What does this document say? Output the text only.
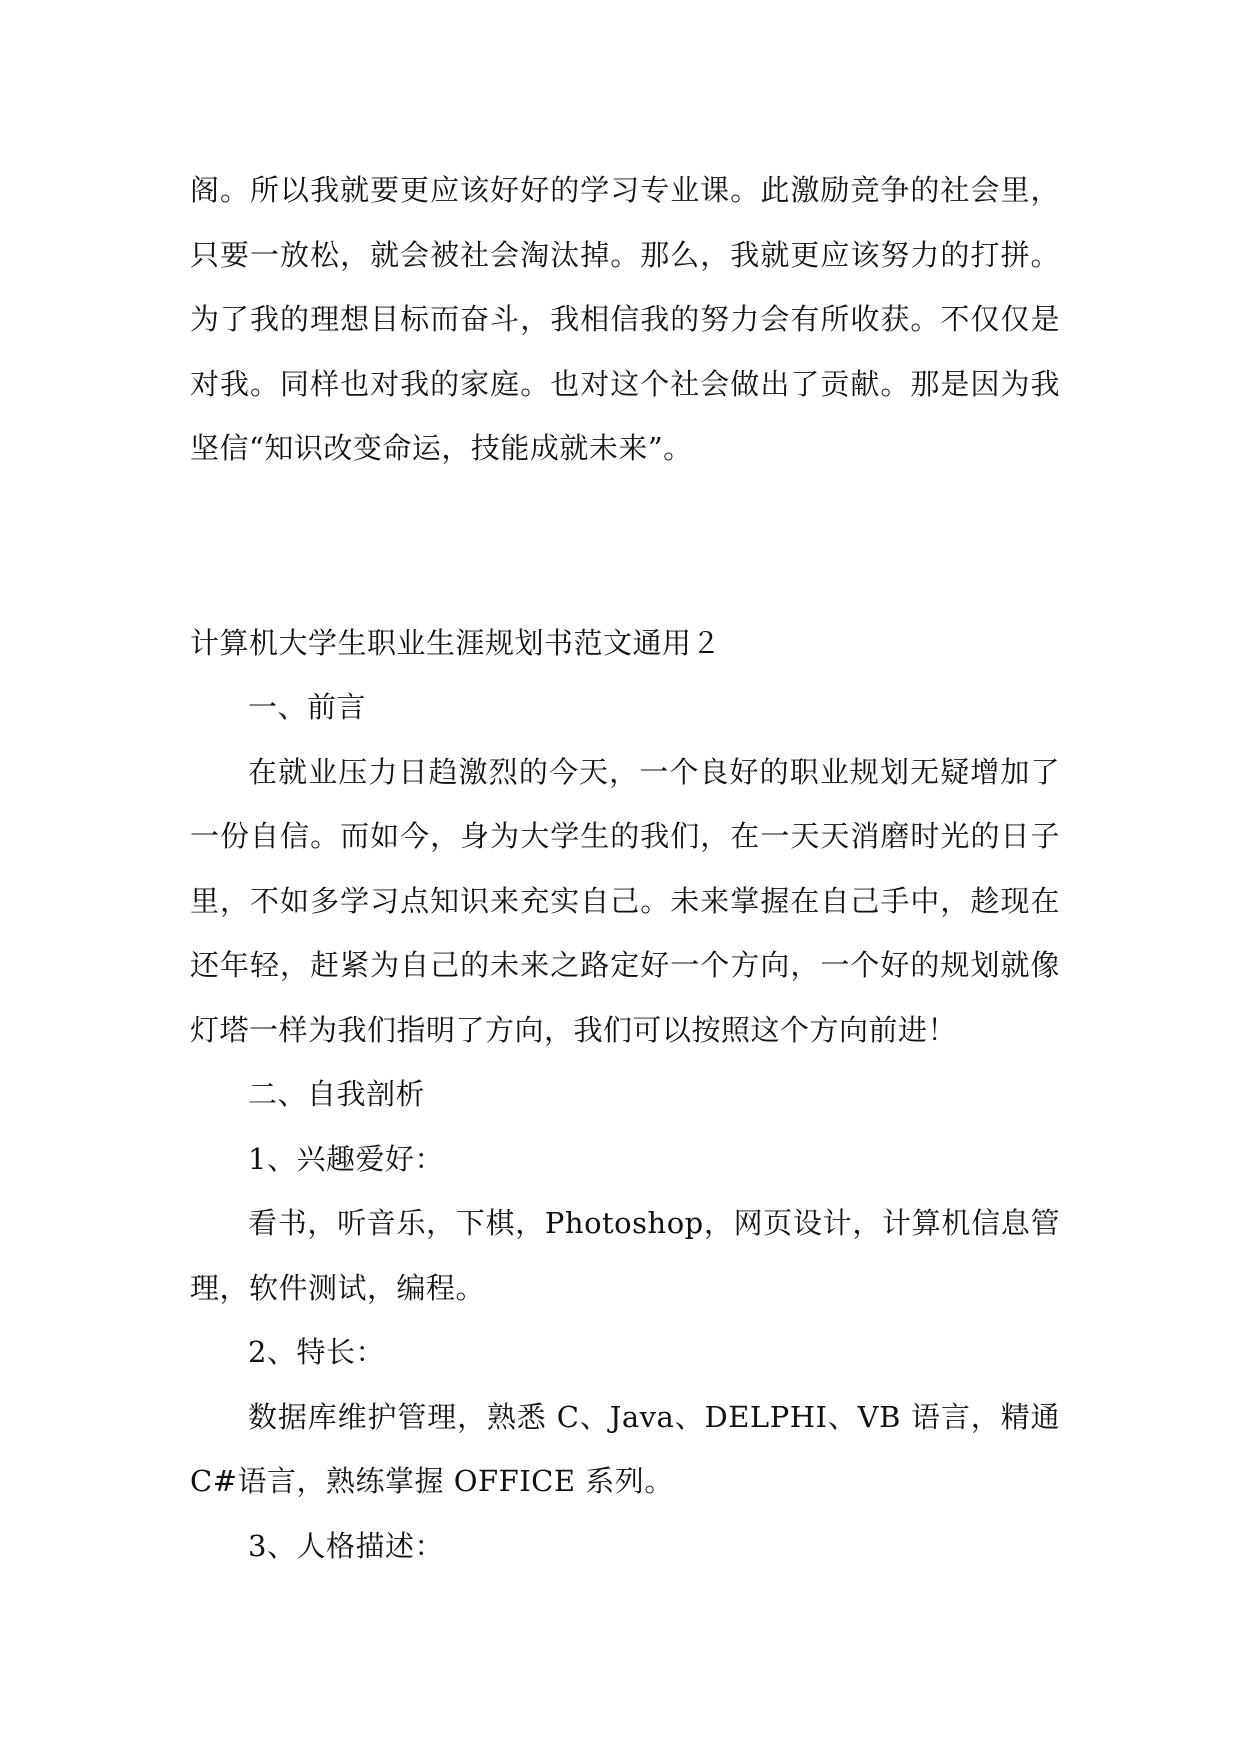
阁。所以我就要更应该好好的学习专业课。此激励竞争的社会里，只要一放松，就会被社会淘汰掉。那么，我就更应该努力的打拼。为了我的理想目标而奋斗，我相信我的努力会有所收获。不仅仅是对我。同样也对我的家庭。也对这个社会做出了贡献。那是因为我坚信“知识改变命运，技能成就未来”。

计算机大学生职业生涯规划书范文通用２

一、前言

在就业压力日趋激烈的今天，一个良好的职业规划无疑增加了一份自信。而如今，身为大学生的我们，在一天天消磨时光的日子里，不如多学习点知识来充实自己。未来掌握在自己手中，趁现在还年轻，赶紧为自己的未来之路定好一个方向，一个好的规划就像灯塔一样为我们指明了方向，我们可以按照这个方向前进！

二、自我剖析

1、兴趣爱好：

看书，听音乐，下棋，Photoshop，网页设计，计算机信息管理，软件测试，编程。

2、特长：

数据库维护管理，熟悉 C、Java、DELPHI、VB 语言，精通 C#语言，熟练掌握 OFFICE 系列。

3、人格描述：
